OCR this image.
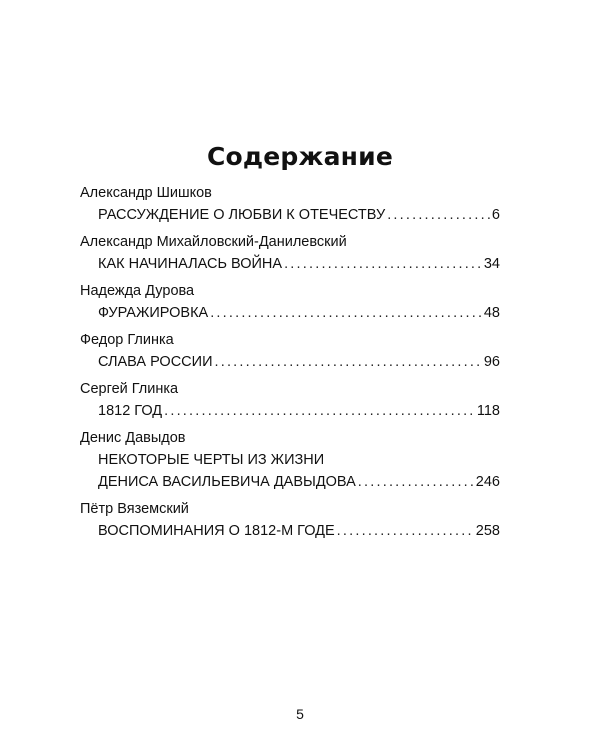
Содержание
Александр Шишков
РАССУЖДЕНИЕ О ЛЮБВИ К ОТЕЧЕСТВУ .....	6
Александр Михайловский-Данилевский
КАК НАЧИНАЛАСЬ ВОЙНА .....	34
Надежда Дурова
ФУРАЖИРОВКА .....	48
Федор Глинка
СЛАВА РОССИИ .....	96
Сергей Глинка
1812 ГОД .....	118
Денис Давыдов
НЕКОТОРЫЕ ЧЕРТЫ ИЗ ЖИЗНИ
ДЕНИСА ВАСИЛЬЕВИЧА ДАВЫДОВА .....	246
Пётр Вяземский
ВОСПОМИНАНИЯ О 1812-М ГОДЕ .....	258
5
